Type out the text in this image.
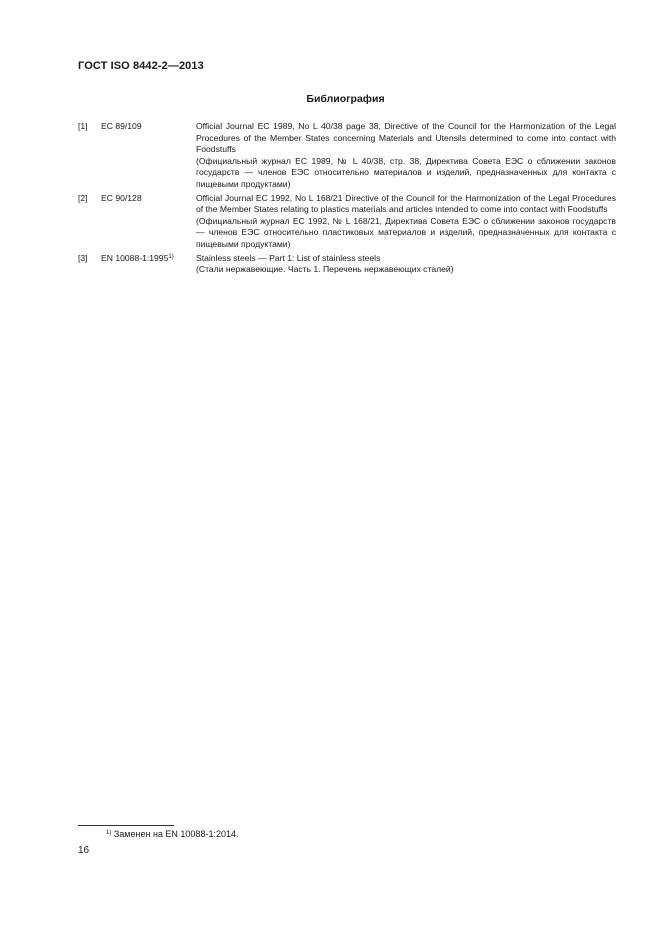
ГОСТ ISO 8442-2—2013
Библиография
[1] EC 89/109	Official Journal EC 1989, No L 40/38 page 38, Directive of the Council for the Harmonization of the Legal Procedures of the Member States concerning Materials and Utensils determined to come into contact with Foodstuffs

(Официальный журнал ЕС 1989, № L 40/38, стр. 38, Директива Совета ЕЭС о сближении законов государств — членов ЕЭС относительно материалов и изделий, предназначенных для контакта с пищевыми продуктами)

[2] EC 90/128	Official Journal EC 1992, No L 168/21 Directive of the Council for the Harmonization of the Legal Procedures of the Member States relating to plastics materials and articles intended to come into contact with Foodstuffs

(Официальный журнал ЕС 1992, № L 168/21, Директива Совета ЕЭС о сближении законов государств — членов ЕЭС относительно пластиковых материалов и изделий, предназначенных для контакта с пищевыми продуктами)

[3] EN 10088-1:1995$^{1)}$	Stainless steels — Part 1: List of stainless steels

(Стали нержавеющие. Часть 1. Перечень нержавеющих сталей)

$^{1)}$ Заменен на EN 10088-1:2014.
16
